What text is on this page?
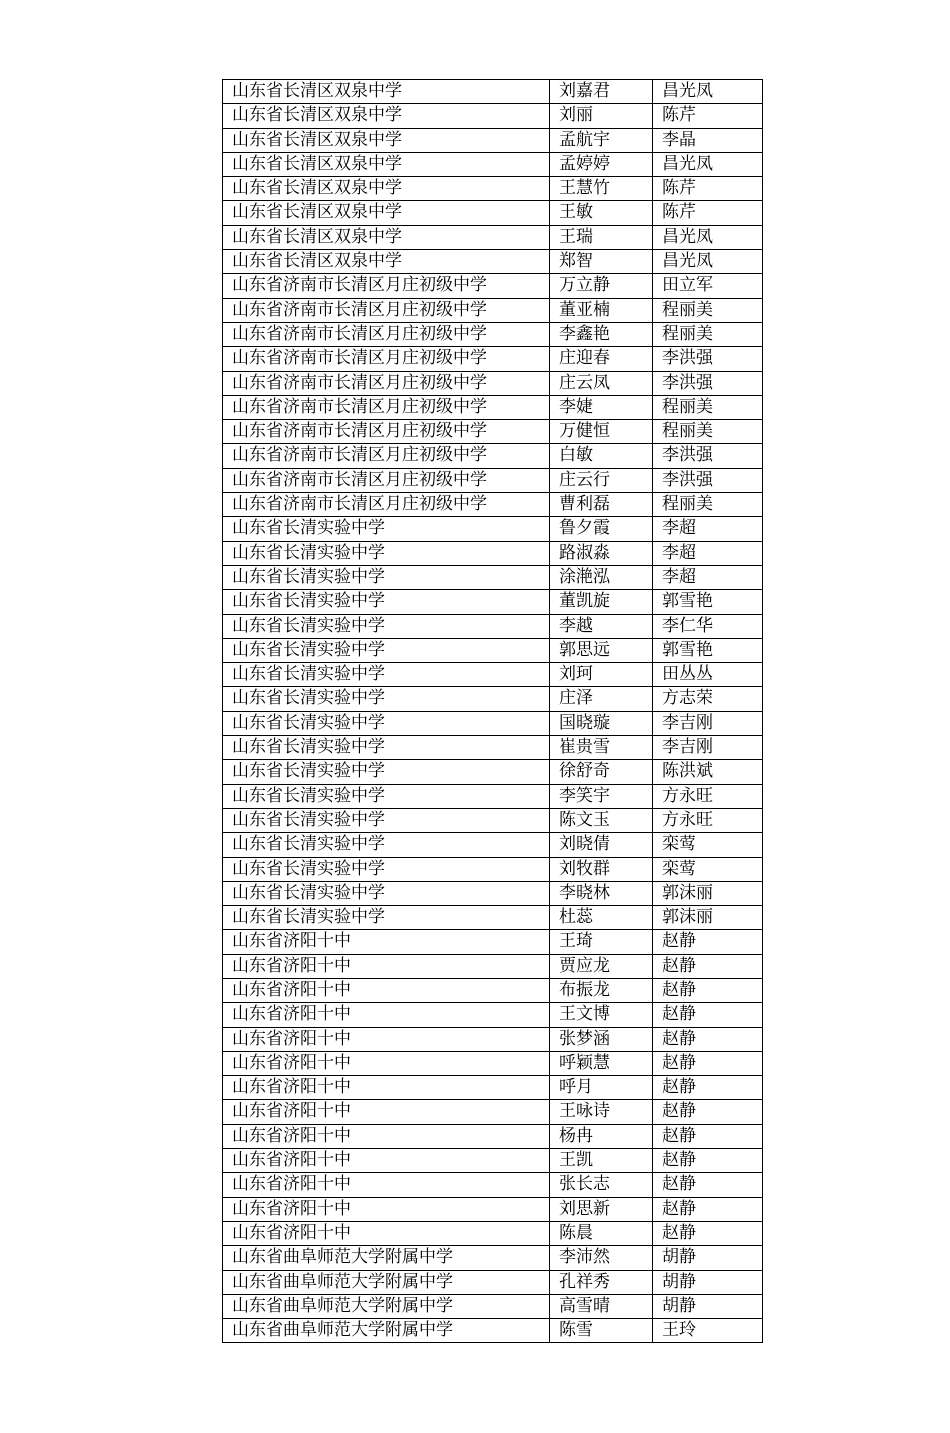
山东省长清区双泉中学	刘嘉君	昌光凤
山东省长清区双泉中学	刘丽	陈芹
山东省长清区双泉中学	孟航宇	李晶
山东省长清区双泉中学	孟婷婷	昌光凤
山东省长清区双泉中学	王慧竹	陈芹
山东省长清区双泉中学	王敏	陈芹
山东省长清区双泉中学	王瑞	昌光凤
山东省长清区双泉中学	郑智	昌光凤
山东省济南市长清区月庄初级中学	万立静	田立军
山东省济南市长清区月庄初级中学	董亚楠	程丽美
山东省济南市长清区月庄初级中学	李鑫艳	程丽美
山东省济南市长清区月庄初级中学	庄迎春	李洪强
山东省济南市长清区月庄初级中学	庄云凤	李洪强
山东省济南市长清区月庄初级中学	李婕	程丽美
山东省济南市长清区月庄初级中学	万健恒	程丽美
山东省济南市长清区月庄初级中学	白敏	李洪强
山东省济南市长清区月庄初级中学	庄云行	李洪强
山东省济南市长清区月庄初级中学	曹利磊	程丽美
山东省长清实验中学	鲁夕霞	李超
山东省长清实验中学	路淑淼	李超
山东省长清实验中学	涂滟泓	李超
山东省长清实验中学	董凯旋	郭雪艳
山东省长清实验中学	李越	李仁华
山东省长清实验中学	郭思远	郭雪艳
山东省长清实验中学	刘珂	田丛丛
山东省长清实验中学	庄泽	方志荣
山东省长清实验中学	国晓璇	李吉刚
山东省长清实验中学	崔贵雪	李吉刚
山东省长清实验中学	徐舒奇	陈洪斌
山东省长清实验中学	李笑宇	方永旺
山东省长清实验中学	陈文玉	方永旺
山东省长清实验中学	刘晓倩	栾莺
山东省长清实验中学	刘牧群	栾莺
山东省长清实验中学	李晓林	郭沫丽
山东省长清实验中学	杜蕊	郭沫丽
山东省济阳十中	王琦	赵静
山东省济阳十中	贾应龙	赵静
山东省济阳十中	布振龙	赵静
山东省济阳十中	王文博	赵静
山东省济阳十中	张梦涵	赵静
山东省济阳十中	呼颖慧	赵静
山东省济阳十中	呼月	赵静
山东省济阳十中	王咏诗	赵静
山东省济阳十中	杨冉	赵静
山东省济阳十中	王凯	赵静
山东省济阳十中	张长志	赵静
山东省济阳十中	刘思新	赵静
山东省济阳十中	陈晨	赵静
山东省曲阜师范大学附属中学	李沛然	胡静
山东省曲阜师范大学附属中学	孔祥秀	胡静
山东省曲阜师范大学附属中学	高雪晴	胡静
山东省曲阜师范大学附属中学	陈雪	王玲
